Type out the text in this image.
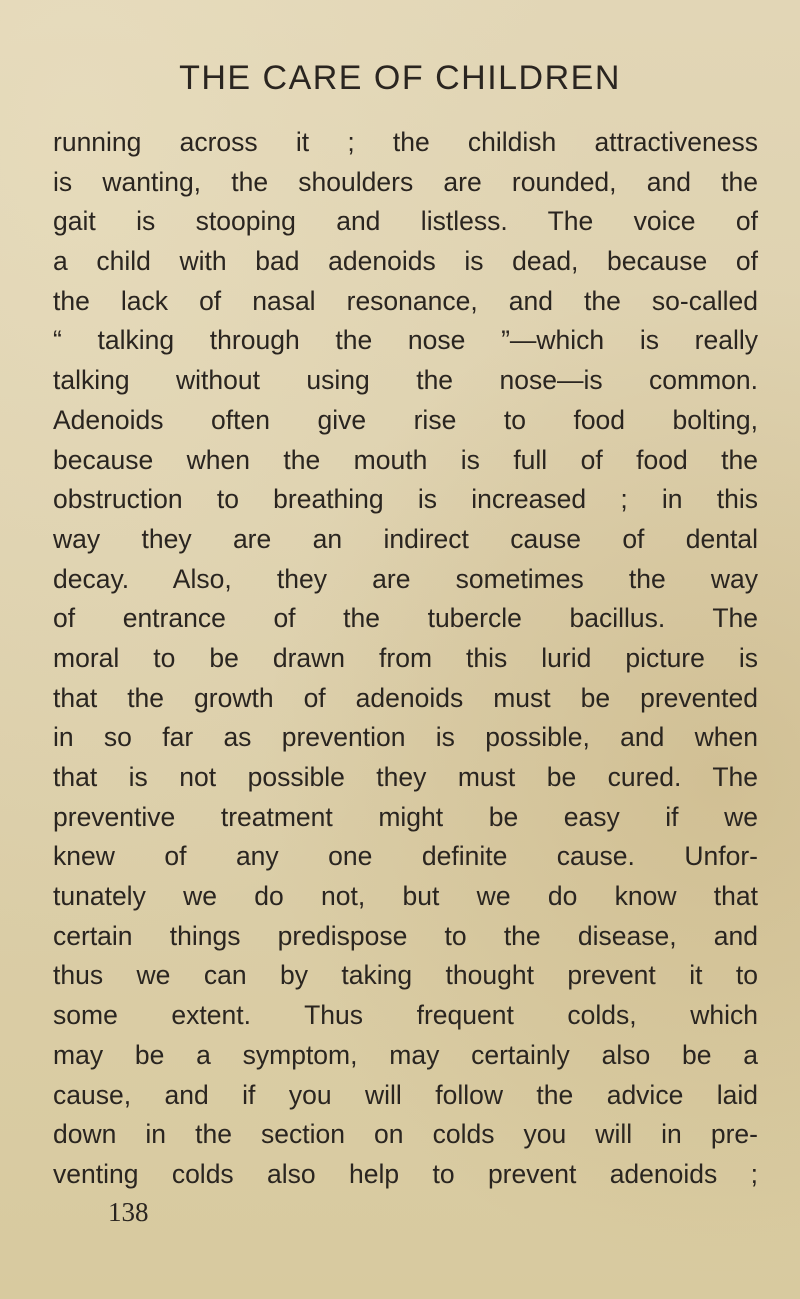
THE CARE OF CHILDREN
running across it ; the childish attractiveness
is wanting, the shoulders are rounded, and the
gait is stooping and listless. The voice of
a child with bad adenoids is dead, because of
the lack of nasal resonance, and the so-called
“ talking through the nose ”—which is really
talking without using the nose—is common.
Adenoids often give rise to food bolting,
because when the mouth is full of food the
obstruction to breathing is increased ; in this
way they are an indirect cause of dental
decay. Also, they are sometimes the way
of entrance of the tubercle bacillus. The
moral to be drawn from this lurid picture is
that the growth of adenoids must be prevented
in so far as prevention is possible, and when
that is not possible they must be cured. The
preventive treatment might be easy if we
knew of any one definite cause. Unfor-
tunately we do not, but we do know that
certain things predispose to the disease, and
thus we can by taking thought prevent it to
some extent. Thus frequent colds, which
may be a symptom, may certainly also be a
cause, and if you will follow the advice laid
down in the section on colds you will in pre-
venting colds also help to prevent adenoids ;
138
